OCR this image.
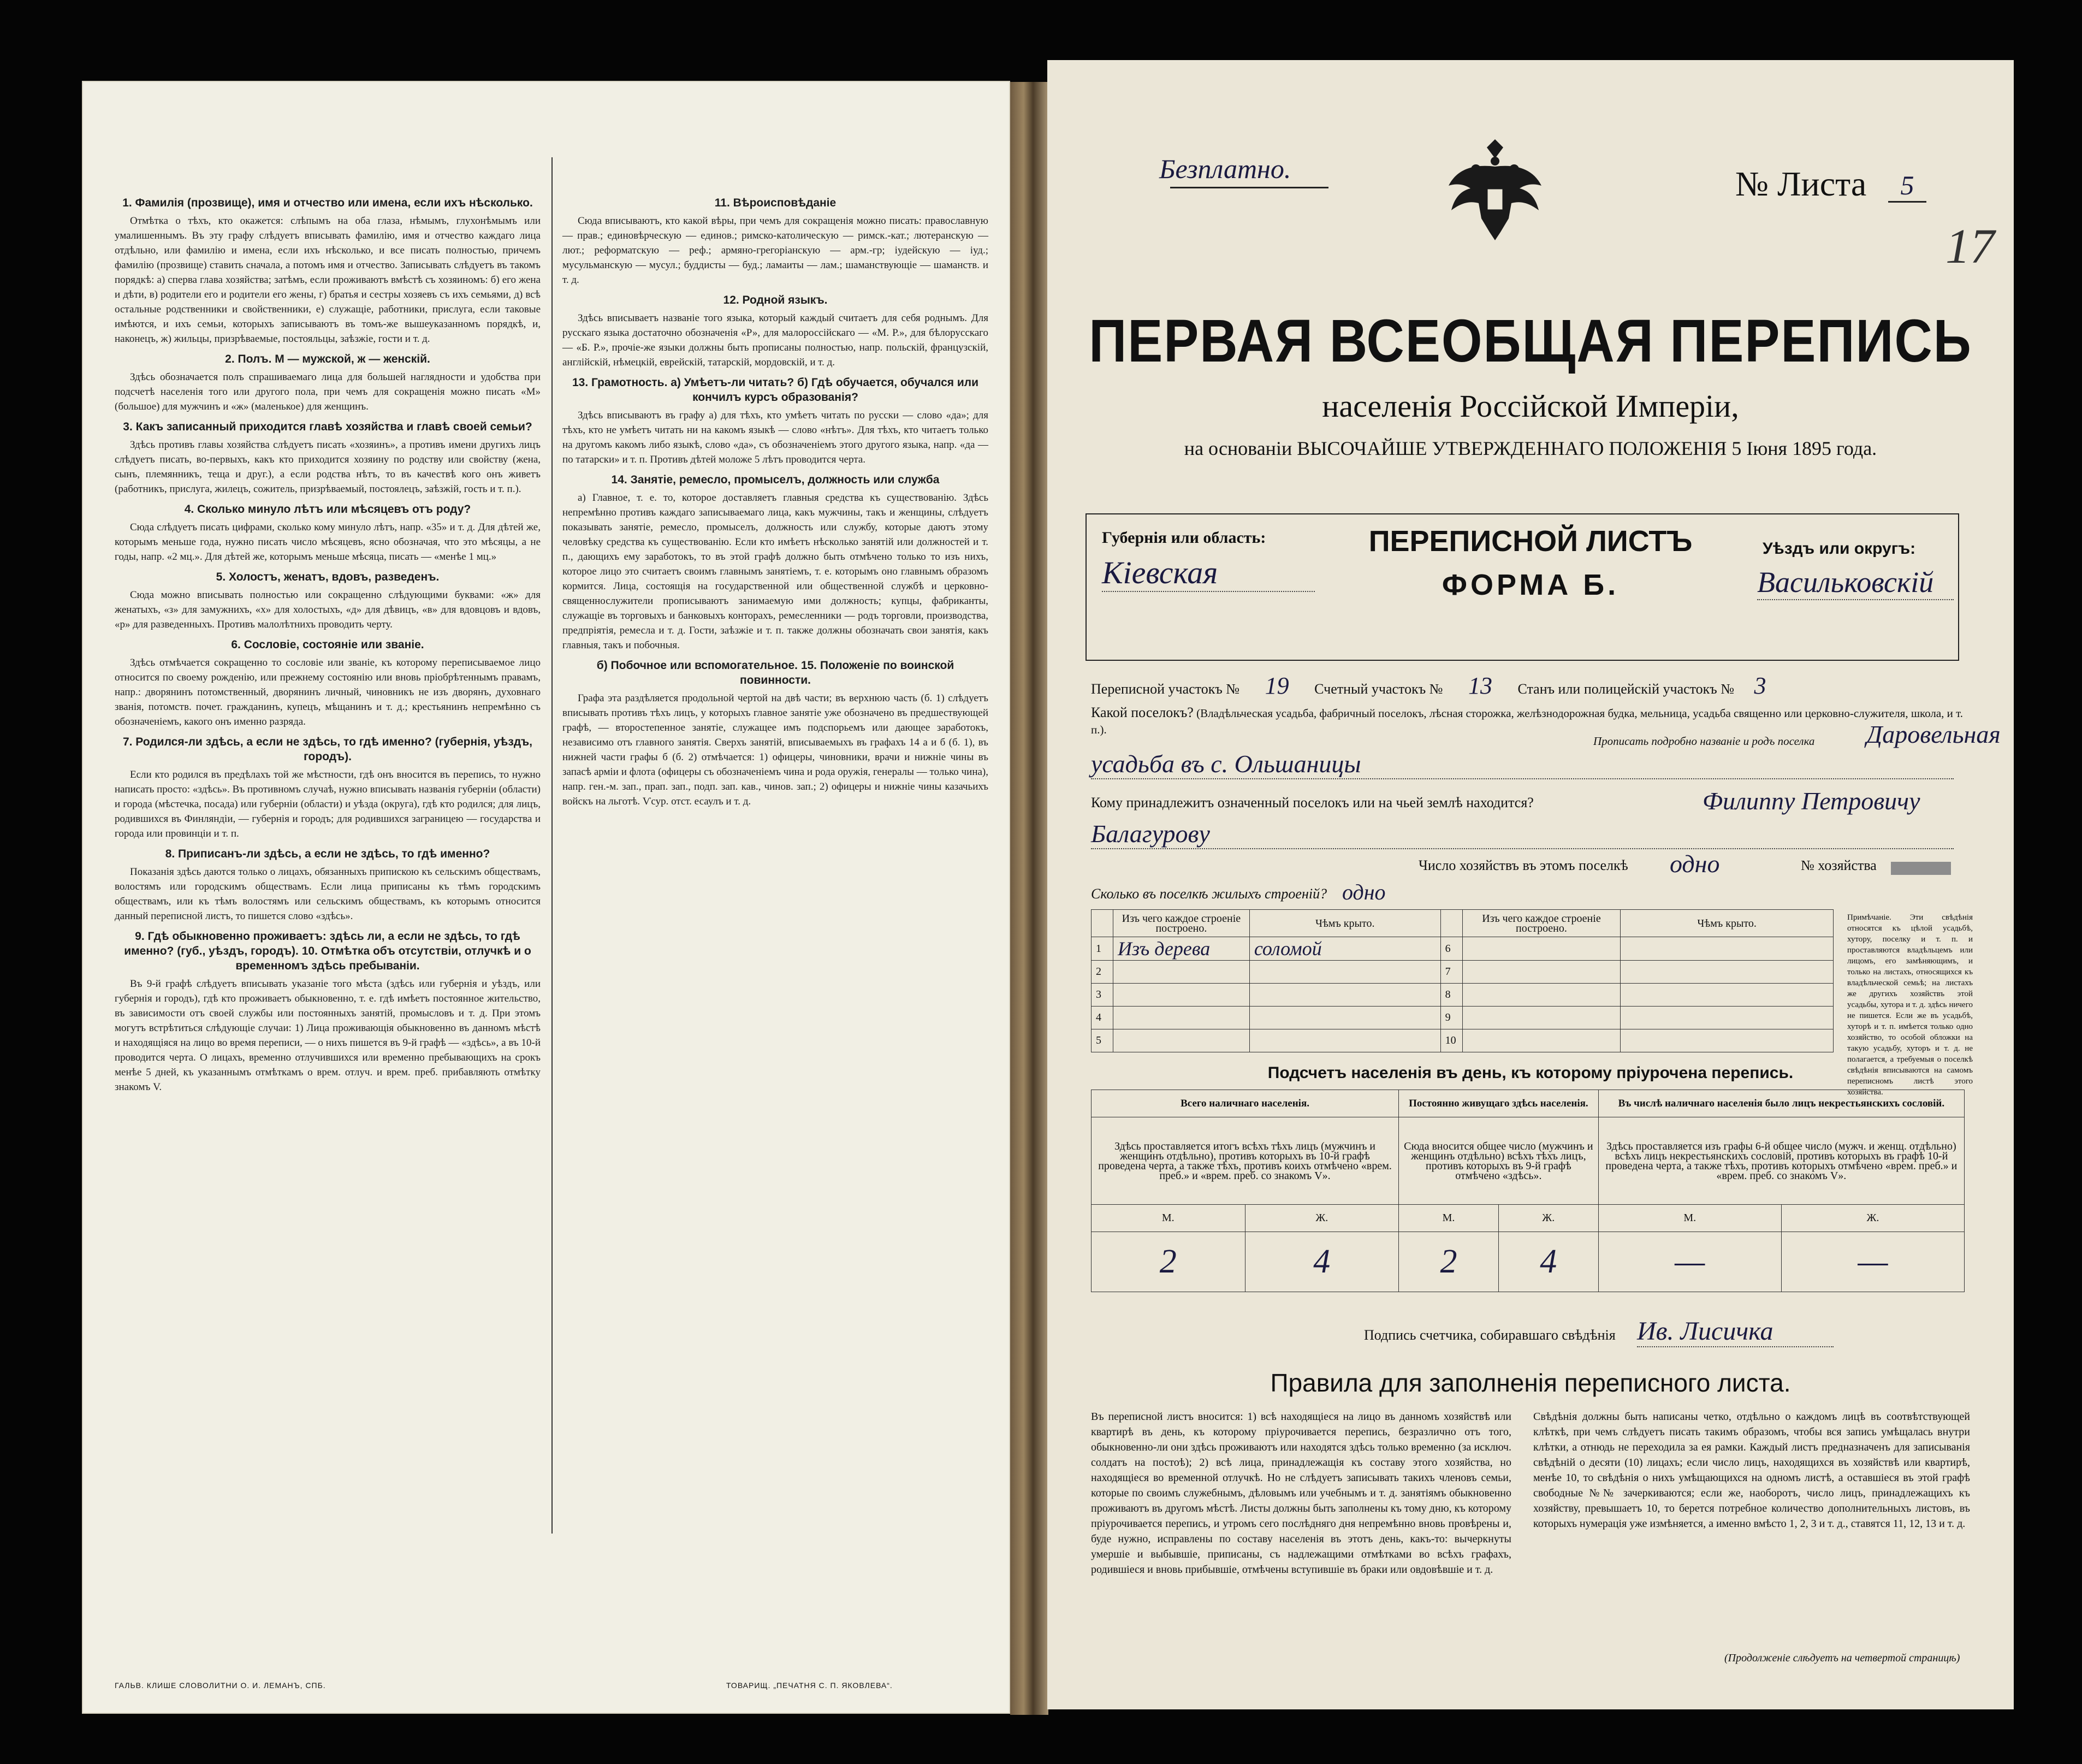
1. Фамилiя (прозвище), имя и отчество или имена, если ихъ нѣсколько.

Отмѣтка о тѣхъ, кто окажется: слѣпымъ на оба глаза, нѣмымъ, глухонѣмымъ или умалишеннымъ. Въ эту графу слѣдуетъ вписывать фамилiю, имя и отчество каждаго лица отдѣльно, или фамилiю и имена, если ихъ нѣсколько, и все писать полностью, причемъ фамилiю (прозвище) ставить сначала, а потомъ имя и отчество. Записывать слѣдуетъ въ такомъ порядкѣ: а) сперва глава хозяйства; затѣмъ, если проживаютъ вмѣстѣ съ хозяиномъ: б) его жена и дѣти, в) родители его и родители его жены, г) братья и сестры хозяевъ съ ихъ семьями, д) всѣ остальные родственники и свойственники, е) служащiе, работники, прислуга, если таковые имѣются, и ихъ семьи, которыхъ записываютъ въ томъ-же вышеуказанномъ порядкѣ, и, наконецъ, ж) жильцы, призрѣваемые, постояльцы, заѣзжiе, гости и т. д.

2. Полъ. М — мужской, ж — женскiй.

Здѣсь обозначается полъ спрашиваемаго лица для большей наглядности и удобства при подсчетѣ населенiя того или другого пола, при чемъ для сокращенiя можно писать «М» (большое) для мужчинъ и «ж» (маленькое) для женщинъ.

3. Какъ записанный приходится главѣ хозяйства и главѣ своей семьи?

Здѣсь противъ главы хозяйства слѣдуетъ писать «хозяинъ», а противъ имени другихъ лицъ слѣдуетъ писать, во-первыхъ, какъ кто приходится хозяину по родству или свойству (жена, сынъ, племянникъ, теща и друг.), а если родства нѣтъ, то въ качествѣ кого онъ живетъ (работникъ, прислуга, жилецъ, сожитель, призрѣваемый, постоялецъ, заѣзжiй, гость и т. п.).

4. Сколько минуло лѣтъ или мѣсяцевъ отъ роду?

Сюда слѣдуетъ писать цифрами, сколько кому минуло лѣтъ, напр. «35» и т. д. Для дѣтей же, которымъ меньше года, нужно писать число мѣсяцевъ, ясно обозначая, что это мѣсяцы, а не годы, напр. «2 мц.». Для дѣтей же, которымъ меньше мѣсяца, писать — «менѣе 1 мц.»

5. Холостъ, женатъ, вдовъ, разведенъ.

Сюда можно вписывать полностью или сокращенно слѣдующими буквами: «ж» для женатыхъ, «з» для замужнихъ, «х» для холостыхъ, «д» для дѣвицъ, «в» для вдовцовъ и вдовъ, «р» для разведенныхъ. Противъ малолѣтнихъ проводить черту.

6. Сословiе, состоянiе или званiе.

Здѣсь отмѣчается сокращенно то сословiе или званiе, къ которому переписываемое лицо относится по своему рожденiю, или прежнему состоянiю или вновь прiобрѣтеннымъ правамъ, напр.: дворянинъ потомственный, дворянинъ личный, чиновникъ не изъ дворянъ, духовнаго званiя, потомств. почет. гражданинъ, купецъ, мѣщанинъ и т. д.; крестьянинъ непремѣнно съ обозначенiемъ, какого онъ именно разряда.

7. Родился-ли здѣсь, а если не здѣсь, то гдѣ именно? (губернiя, уѣздъ, городъ).

Если кто родился въ предѣлахъ той же мѣстности, гдѣ онъ вносится въ перепись, то нужно написать просто: «здѣсь». Въ противномъ случаѣ, нужно вписывать названiя губернiи (области) и города (мѣстечка, посада) или губернiи (области) и уѣзда (округа), гдѣ кто родился; для лицъ, родившихся въ Финляндiи, — губернiя и городъ; для родившихся заграницею — государства и города или провинцiи и т. п.

8. Приписанъ-ли здѣсь, а если не здѣсь, то гдѣ именно?

Показанiя здѣсь даются только о лицахъ, обязанныхъ припискою къ сельскимъ обществамъ, волостямъ или городскимъ обществамъ. Если лица приписаны къ тѣмъ городскимъ обществамъ, или къ тѣмъ волостямъ или сельскимъ обществамъ, къ которымъ относится данный переписной листъ, то пишется слово «здѣсь».

9. Гдѣ обыкновенно проживаетъ: здѣсь ли, а если не здѣсь, то гдѣ именно? (губ., уѣздъ, городъ). 10. Отмѣтка объ отсутствiи, отлучкѣ и о временномъ здѣсь пребыванiи.

Въ 9-й графѣ слѣдуетъ вписывать указанiе того мѣста (здѣсь или губернiя и уѣздъ, или губернiя и городъ), гдѣ кто проживаетъ обыкновенно, т. е. гдѣ имѣетъ постоянное жительство, въ зависимости отъ своей службы или постоянныхъ занятiй, промысловъ и т. д. При этомъ могутъ встрѣтиться слѣдующiе случаи: 1) Лица проживающiя обыкновенно въ данномъ мѣстѣ и находящiяся на лицо во время переписи, — о нихъ пишется въ 9-й графѣ — «здѣсь», а въ 10-й проводится черта. О лицахъ, временно отлучившихся или временно пребывающихъ на срокъ менѣе 5 дней, къ указаннымъ отмѣткамъ о врем. отлуч. и врем. преб. прибавляють отмѣтку знакомъ V.

11. Вѣроисповѣданiе

Сюда вписываютъ, кто какой вѣры, при чемъ для сокращенiя можно писать: православную — прав.; единовѣрческую — единов.; римско-католическую — римск.-кат.; лютеранскую — лют.; реформатскую — реф.; армяно-грегорiанскую — арм.-гр; iудейскую — iуд.; мусульманскую — мусул.; буддисты — буд.; ламаиты — лам.; шаманствующiе — шаманств. и т. д.

12. Родной языкъ.

Здѣсь вписываетъ названiе того языка, который каждый считаетъ для себя роднымъ. Для русскаго языка достаточно обозначенiя «Р», для малороссiйскаго — «М. Р.», для бѣлорусскаго — «Б. Р.», прочiе-же языки должны быть прописаны полностью, напр. польскiй, французскiй, англiйскiй, нѣмецкiй, еврейскiй, татарскiй, мордовскiй, и т. д.

13. Грамотность. а) Умѣетъ-ли читать? б) Гдѣ обучается, обучался или кончилъ курсъ образованiя?

Здѣсь вписываютъ въ графу а) для тѣхъ, кто умѣетъ читать по русски — слово «да»; для тѣхъ, кто не умѣетъ читать ни на какомъ языкѣ — слово «нѣтъ». Для тѣхъ, кто читаетъ только на другомъ какомъ либо языкѣ, слово «да», съ обозначенiемъ этого другого языка, напр. «да — по татарски» и т. п. Противъ дѣтей моложе 5 лѣтъ проводится черта.

14. Занятiе, ремесло, промыселъ, должность или служба

а) Главное, т. е. то, которое доставляетъ главныя средства къ существованiю. Здѣсь непремѣнно противъ каждаго записываемаго лица, какъ мужчины, такъ и женщины, слѣдуетъ показывать занятiе, ремесло, промыселъ, должность или службу, которые даютъ этому человѣку средства къ существованiю. Если кто имѣетъ нѣсколько занятiй или должностей и т. п., дающихъ ему заработокъ, то въ этой графѣ должно быть отмѣчено только то изъ нихъ, которое лицо это считаетъ своимъ главнымъ занятiемъ, т. е. которымъ оно главнымъ образомъ кормится. Лица, состоящiя на государственной или общественной службѣ и церковно-священнослужители прописываютъ занимаемую ими должность; купцы, фабриканты, служащiе въ торговыхъ и банковыхъ конторахъ, ремесленники — родъ торговли, производства, предпрiятiя, ремесла и т. д. Гости, заѣзжiе и т. п. также должны обозначать свои занятiя, какъ главныя, такъ и побочныя.

б) Побочное или вспомогательное. 15. Положенiе по воинской повинности.

Графа эта раздѣляется продольной чертой на двѣ части; въ верхнюю часть (б. 1) слѣдуетъ вписывать противъ тѣхъ лицъ, у которыхъ главное занятiе уже обозначено въ предшествующей графѣ, — второстепенное занятiе, служащее имъ подспорьемъ или дающее заработокъ, независимо отъ главного занятiя. Сверхъ занятiй, вписываемыхъ въ графахъ 14 а и б (б. 1), въ нижней части графы б (б. 2) отмѣчается: 1) офицеры, чиновники, врачи и нижнiе чины въ запасѣ армiи и флота (офицеры съ обозначенiемъ чина и рода оружiя, генералы — только чина), напр. ген.-м. зап., прап. зап., подп. зап. кав., чинов. зап.; 2) офицеры и нижнiе чины казачьихъ войскъ на льготѣ. Ѵсур. отст. есаулъ и т. д.

ГАЛЬВ. КЛИШЕ СЛОВОЛИТНИ О. И. ЛЕМАНЪ, СПБ.	ТОВАРИЩ. „ПЕЧАТНЯ С. П. ЯКОВЛЕВА“.
Безплатно.	№ Листа	5
17
ПЕРВАЯ ВСЕОБЩАЯ ПЕРЕПИСЬ
населенiя Россiйской Имперiи,
на основанiи ВЫСОЧАЙШЕ УТВЕРЖДЕННАГО ПОЛОЖЕНIЯ 5 Iюня 1895 года.
Губернiя или область:
Кiевская
ПЕРЕПИСНОЙ ЛИСТЪ
ФОРМА Б.
Уѣздъ или округъ:
Васильковскiй
Переписной участокъ № 19 Счетный участокъ № 13 Станъ или полицейскiй участокъ № 3
Какой поселокъ? (Владѣльческая усадьба, фабричный поселокъ, лѣсная сторожка, желѣзнодорожная будка, мельница, усадьба священно или церковно-служителя, школа, и т. п.).
Прописать подробно названiе и родъ поселка Даровельная
усадьба въ с. Ольшаницы
Кому принадлежитъ означенный поселокъ или на чьей землѣ находится?	Филиппу Петровичу
Балагурову
Число хозяйствъ въ этомъ поселкѣ одно	№ хозяйства
Сколько въ поселкѣ жилыхъ строенiй? одно
	Изъ чего каждое строенiе построено.	Чѣмъ крыто.		Изъ чего каждое строенiе построено.	Чѣмъ крыто.
1	Изъ дерева	соломой	6		
2			7		
3			8		
4			9		
5			10		
Примѣчанiе. Эти свѣдѣнiя относятся къ цѣлой усадьбѣ, хутору, поселку и т. п. и проставляются владѣльцемъ или лицомъ, его замѣняющимъ, и только на листахъ, относящихся къ владѣльческой семьѣ; на листахъ же другихъ хозяйствъ этой усадьбы, хутора и т. д. здѣсь ничего не пишется. Если же въ усадьбѣ, хуторѣ и т. п. имѣется только одно хозяйство, то особой обложки на такую усадьбу, хуторъ и т. д. не полагается, а требуемыя о поселкѣ свѣдѣнiя вписываются на самомъ переписномъ листѣ этого хозяйства.
Подсчетъ населенiя въ день, къ которому прiурочена перепись.
Всего наличнаго населенiя.		Постоянно живущаго здѣсь населенiя.		Въ числѣ наличнаго населенiя было лицъ некрестьянскихъ сословiй.	
Здѣсь проставляется итогъ всѣхъ тѣхъ лицъ (мужчинъ и женщинъ отдѣльно), противъ которыхъ въ 10-й графѣ проведена черта, а также тѣхъ, противъ коихъ отмѣчено «врем. преб.» и «врем. преб. со знакомъ V».		Сюда вносится общее число (мужчинъ и женщинъ отдѣльно) всѣхъ тѣхъ лицъ, противъ которыхъ въ 9-й графѣ отмѣчено «здѣсь».		Здѣсь проставляется изъ графы 6-й общее число (мужч. и женщ. отдѣльно) всѣхъ лицъ некрестьянскихъ сословiй, противъ которыхъ въ графѣ 10-й проведена черта, а также тѣхъ, противъ которыхъ отмѣчено «врем. преб.» и «врем. преб. со знакомъ V».	
М.	Ж.	М.	Ж.	М.	Ж.
2	4	2	4	—	—
Подпись счетчика, собиравшаго свѣдѣнiя Ив. Лисичка
Правила для заполненiя переписного листа.
Въ переписной листъ вносится: 1) всѣ находящiеся на лицо въ данномъ хозяйствѣ или квартирѣ въ день, къ которому прiурочивается перепись, безразлично отъ того, обыкновенно-ли они здѣсь проживаютъ или находятся здѣсь только временно (за исключ. солдатъ на постоѣ); 2) всѣ лица, принадлежащiя къ составу этого хозяйства, но находящiеся во временной отлучкѣ. Но не слѣдуетъ записывать такихъ членовъ семьи, которые по своимъ служебнымъ, дѣловымъ или учебнымъ и т. д. занятiямъ обыкновенно проживаютъ въ другомъ мѣстѣ. Листы должны быть заполнены къ тому дню, къ которому прiурочивается перепись, и утромъ сего послѣдняго дня непремѣнно вновь провѣрены и, буде нужно, исправлены по составу населенiя въ этотъ день, какъ-то: вычеркнуты умершiе и выбывшiе, приписаны, съ надлежащими отмѣтками во всѣхъ графахъ, родившiеся и вновь прибывшiе, отмѣчены вступившiе въ браки или овдовѣвшiе и т. д.
Свѣдѣнiя должны быть написаны четко, отдѣльно о каждомъ лицѣ въ соотвѣтствующей клѣткѣ, при чемъ слѣдуетъ писать такимъ образомъ, чтобы вся запись умѣщалась внутри клѣтки, а отнюдь не переходила за ея рамки. Каждый листъ предназначенъ для записыванiя свѣдѣнiй о десяти (10) лицахъ; если число лицъ, находящихся въ хозяйствѣ или квартирѣ, менѣе 10, то свѣдѣнiя о нихъ умѣщающихся на одномъ листѣ, а оставшiеся въ этой графѣ свободные №№ зачеркиваются; если же, наоборотъ, число лицъ, принадлежащихъ къ хозяйству, превышаетъ 10, то берется потребное количество дополнительныхъ листовъ, въ которыхъ нумерацiя уже измѣняется, а именно вмѣсто 1, 2, 3 и т. д., ставятся 11, 12, 13 и т. д.
(Продолженiе слѣдуетъ на четвертой страницѣ)
